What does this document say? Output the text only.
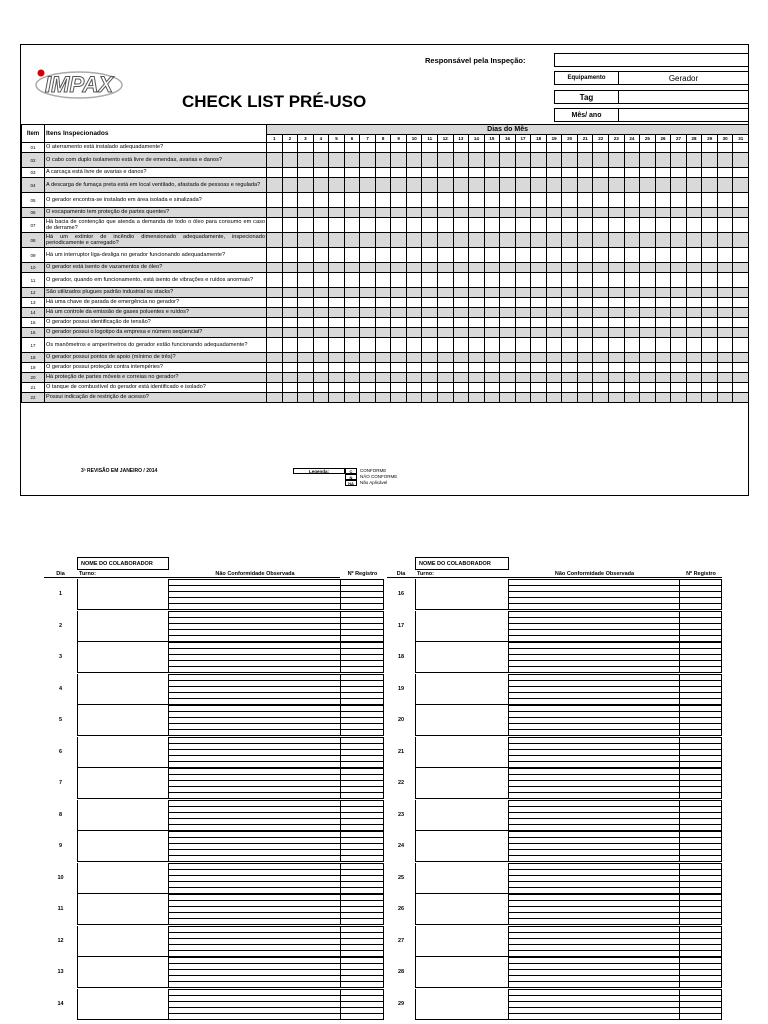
IMPAX
CHECK LIST PRÉ-USO
Responsável pela Inspeção:
Equipamento	Gerador
Tag
Mês/ ano
Item	Itens Inspecionados	Dias do Mês																														
		1	2	3	4	5	6	7	8	9	10	11	12	13	14	15	16	17	18	19	20	21	22	23	24	25	26	27	28	29	30	31
01	O aterramento está instalado adequadamente?																															

02	O cabo com duplo isolamento está livre de emendas, avarias e danos?																															

03	A carcaça está livre de avarias e danos?																															

04	A descarga de fumaça preta está em local ventilado, afastada de pessoas e regulada?																															

05	O gerador encontra-se instalado em área isolada e sinalizada?																															

06	O escapamento tem proteção de partes quentes?																															

07	Há bacia de contenção que atenda a demanda de todo o óleo para consumo em caso de derrame?																															

08	Há um extintor de incêndio dimensionado adequadamente, inspecionado periodicamente e carregado?																															

09	Há um interruptor liga-desliga no gerador funcionando adequadamente?																															

10	O gerador está isento de vazamentos de óleo?																															

11	O gerador, quando em funcionamento, está isento de vibrações e ruídos anormais?																															

12	São utilizados plugues padrão industrial ou stacks?																															

13	Há uma chave de parada de emergência no gerador?																															

14	Há um controle da emissão de gases poluentes e ruídos?																															

15	O gerador possui identificação de tensão?																															

16	O gerador possui o logotipo da empresa e número seqüencial?																															

17	Os manômetros e amperímetros do gerador estão funcionando adequadamente?																															

18	O gerador possui pontos de apoio (mínimo de três)?																															

19	O gerador possui proteção contra intempéries?																															

20	Há proteção de partes móveis e correias no gerador?																															

21	O tanque de combustível do gerador está identificado e isolado?																															

22	Possui indicação de restrição de acesso?																															

3ª REVISÃO EM JANEIRO / 2014	Legenda:	C	CONFORME
N	NÃO CONFORME
NA	Não Aplicável
NOME DO COLABORADOR
Dia	Turno:	Não Conformidade Observada	Nº Registro
1
2
3
4
5
6
7
8
9
10
11
12
13
14
NOME DO COLABORADOR
Dia	Turno:	Não Conformidade Observada	Nº Registro
16
17
18
19
20
21
22
23
24
25
26
27
28
29
